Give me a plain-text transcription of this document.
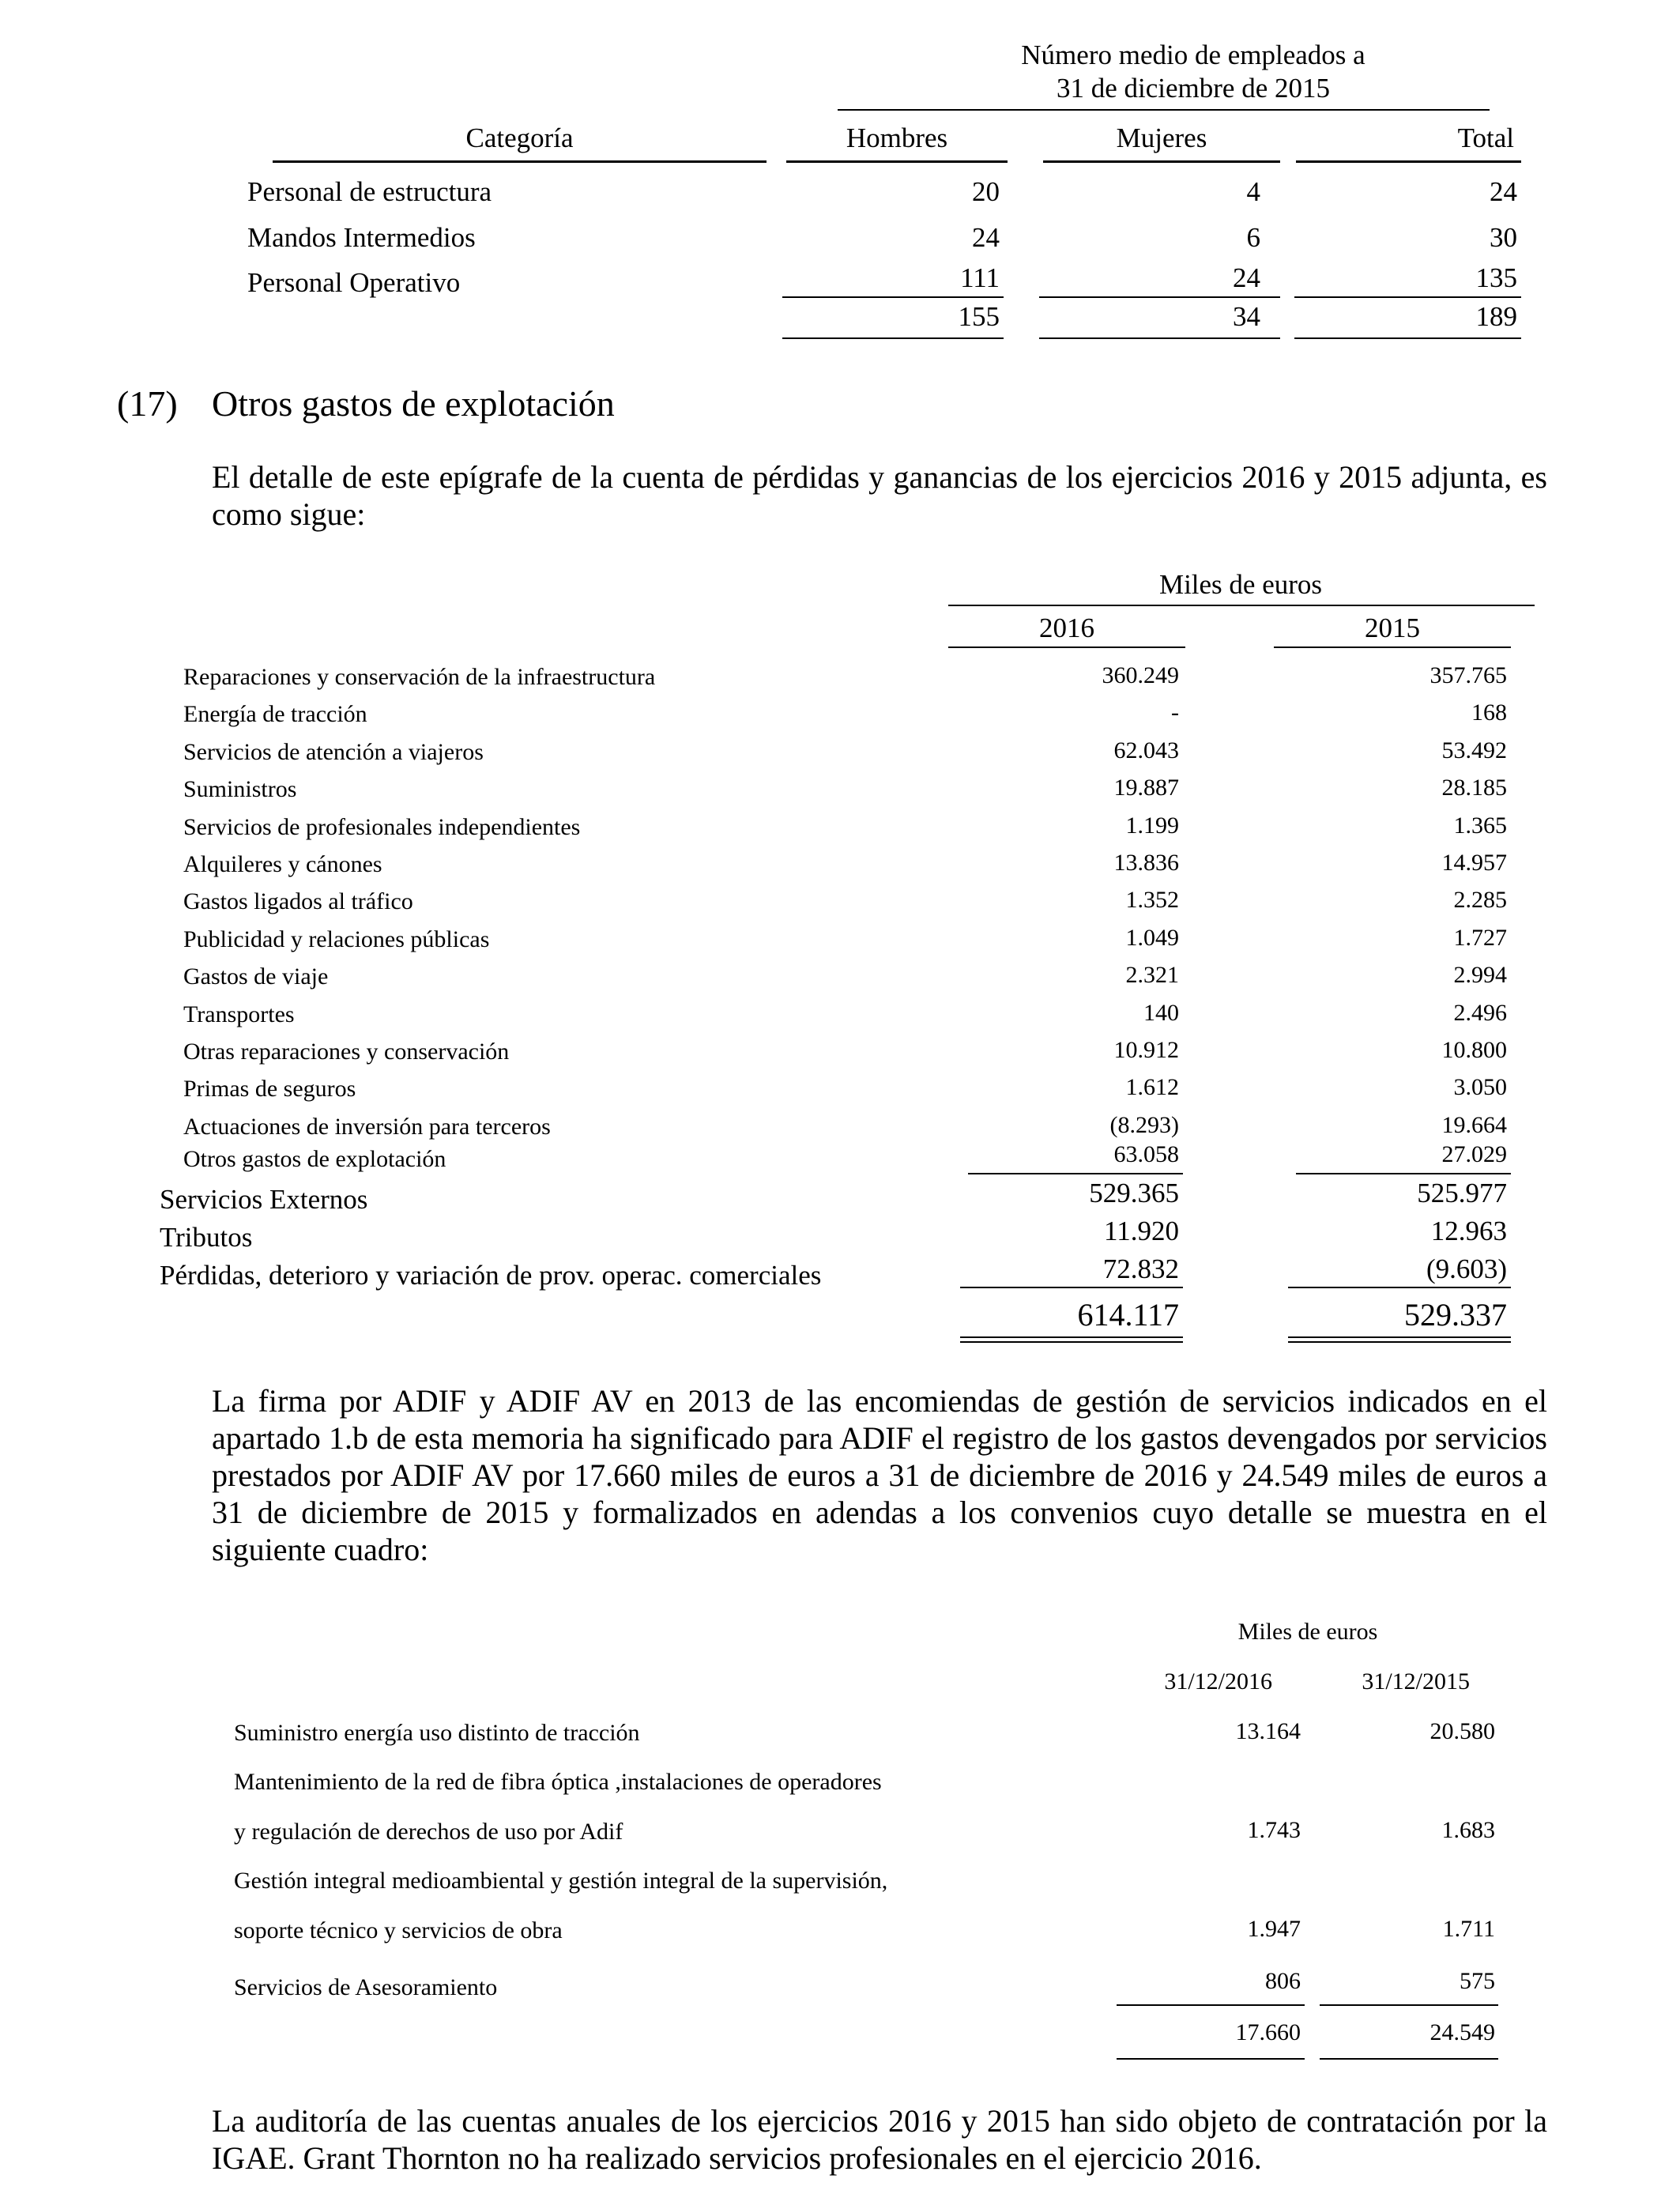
Número medio de empleados a
31 de diciembre de 2015
Categoría	Hombres	Mujeres	Total
Personal de estructura	20	4	24
Mandos Intermedios	24	6	30
Personal Operativo	111	24	135
155	34	189
(17) Otros gastos de explotación
El detalle de este epígrafe de la cuenta de pérdidas y ganancias de los ejercicios 2016 y 2015 adjunta, es como sigue:
Miles de euros
2016	2015
Reparaciones y conservación de la infraestructura	360.249	357.765
Energía de tracción	-	168
Servicios de atención a viajeros	62.043	53.492
Suministros	19.887	28.185
Servicios de profesionales independientes	1.199	1.365
Alquileres y cánones	13.836	14.957
Gastos ligados al tráfico	1.352	2.285
Publicidad y relaciones públicas	1.049	1.727
Gastos de viaje	2.321	2.994
Transportes	140	2.496
Otras reparaciones y conservación	10.912	10.800
Primas de seguros	1.612	3.050
Actuaciones de inversión para terceros	(8.293)	19.664
Otros gastos de explotación	63.058	27.029
Servicios Externos	529.365	525.977
Tributos	11.920	12.963
Pérdidas, deterioro y variación de prov. operac. comerciales	72.832	(9.603)
614.117	529.337
La firma por ADIF y ADIF AV en 2013 de las encomiendas de gestión de servicios indicados en el apartado 1.b de esta memoria ha significado para ADIF el registro de los gastos devengados por servicios prestados por ADIF AV por 17.660 miles de euros a 31 de diciembre de 2016 y 24.549 miles de euros a 31 de diciembre de 2015 y formalizados en adendas a los convenios cuyo detalle se muestra en el siguiente cuadro:
Miles de euros
31/12/2016	31/12/2015
Suministro energía uso distinto de tracción	13.164	20.580
Mantenimiento de la red de fibra óptica ,instalaciones de operadores
y regulación de derechos de uso por Adif	1.743	1.683
Gestión integral medioambiental y gestión integral de la supervisión,
soporte técnico y servicios de obra	1.947	1.711
Servicios de Asesoramiento	806	575
17.660	24.549
La auditoría de las cuentas anuales de los ejercicios 2016 y 2015 han sido objeto de contratación por la IGAE. Grant Thornton no ha realizado servicios profesionales en el ejercicio 2016.
